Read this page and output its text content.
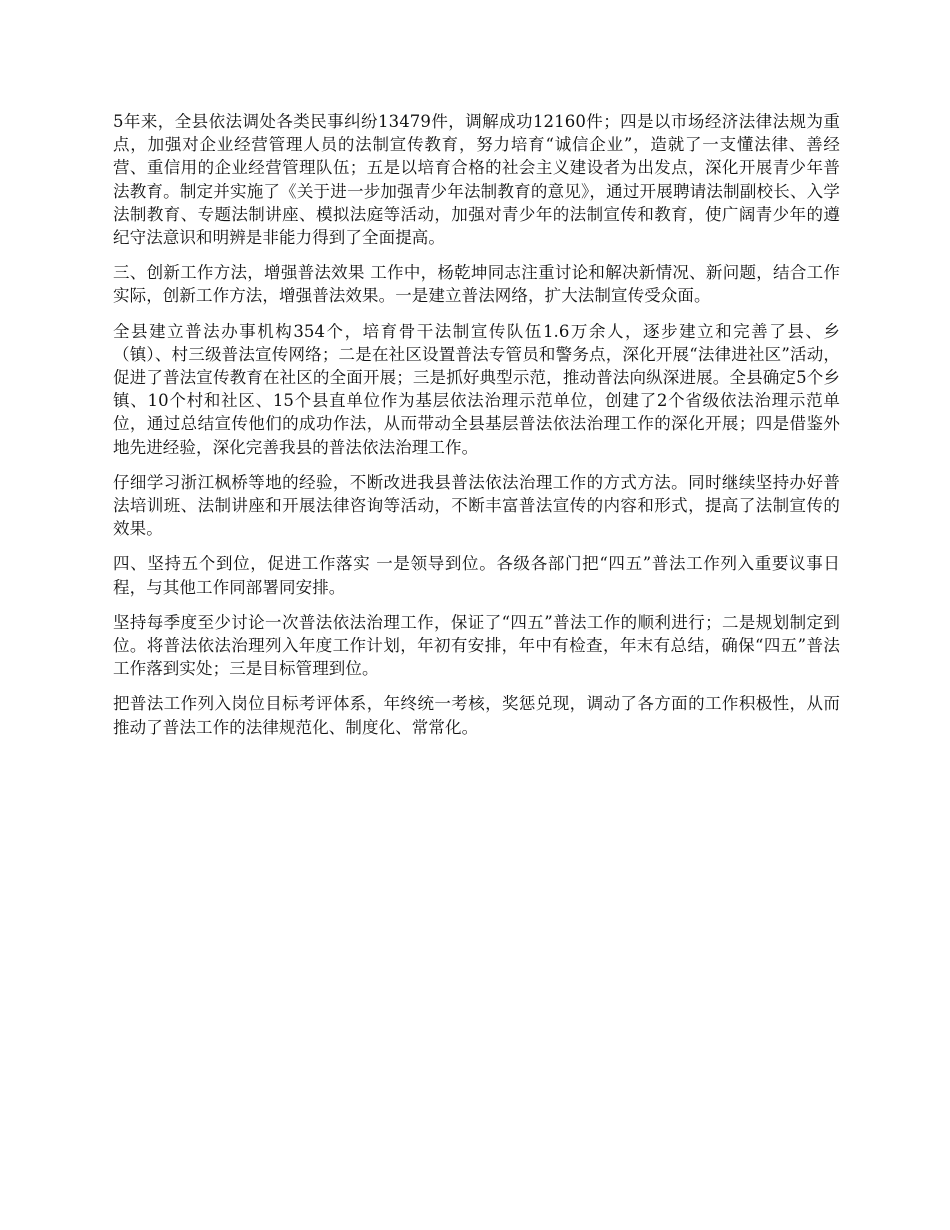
5年来，全县依法调处各类民事纠纷13479件，调解成功12160件；四是以市场经济法律法规为重点，加强对企业经营管理人员的法制宣传教育，努力培育“诚信企业”，造就了一支懂法律、善经营、重信用的企业经营管理队伍；五是以培育合格的社会主义建设者为出发点，深化开展青少年普法教育。制定并实施了《关于进一步加强青少年法制教育的意见》，通过开展聘请法制副校长、入学法制教育、专题法制讲座、模拟法庭等活动，加强对青少年的法制宣传和教育，使广阔青少年的遵纪守法意识和明辨是非能力得到了全面提高。

三、创新工作方法，增强普法效果 工作中，杨乾坤同志注重讨论和解决新情况、新问题，结合工作实际，创新工作方法，增强普法效果。一是建立普法网络，扩大法制宣传受众面。

全县建立普法办事机构354个，培育骨干法制宣传队伍1.6万余人，逐步建立和完善了县、乡（镇）、村三级普法宣传网络；二是在社区设置普法专管员和警务点，深化开展“法律进社区”活动，促进了普法宣传教育在社区的全面开展；三是抓好典型示范，推动普法向纵深进展。全县确定5个乡镇、10个村和社区、15个县直单位作为基层依法治理示范单位，创建了2个省级依法治理示范单位，通过总结宣传他们的成功作法，从而带动全县基层普法依法治理工作的深化开展；四是借鉴外地先进经验，深化完善我县的普法依法治理工作。

仔细学习浙江枫桥等地的经验，不断改进我县普法依法治理工作的方式方法。同时继续坚持办好普法培训班、法制讲座和开展法律咨询等活动，不断丰富普法宣传的内容和形式，提高了法制宣传的效果。

四、坚持五个到位，促进工作落实 一是领导到位。各级各部门把“四五”普法工作列入重要议事日程，与其他工作同部署同安排。

坚持每季度至少讨论一次普法依法治理工作，保证了“四五”普法工作的顺利进行；二是规划制定到位。将普法依法治理列入年度工作计划，年初有安排，年中有检查，年末有总结，确保“四五”普法工作落到实处；三是目标管理到位。

把普法工作列入岗位目标考评体系，年终统一考核，奖惩兑现，调动了各方面的工作积极性，从而推动了普法工作的法律规范化、制度化、常常化。
